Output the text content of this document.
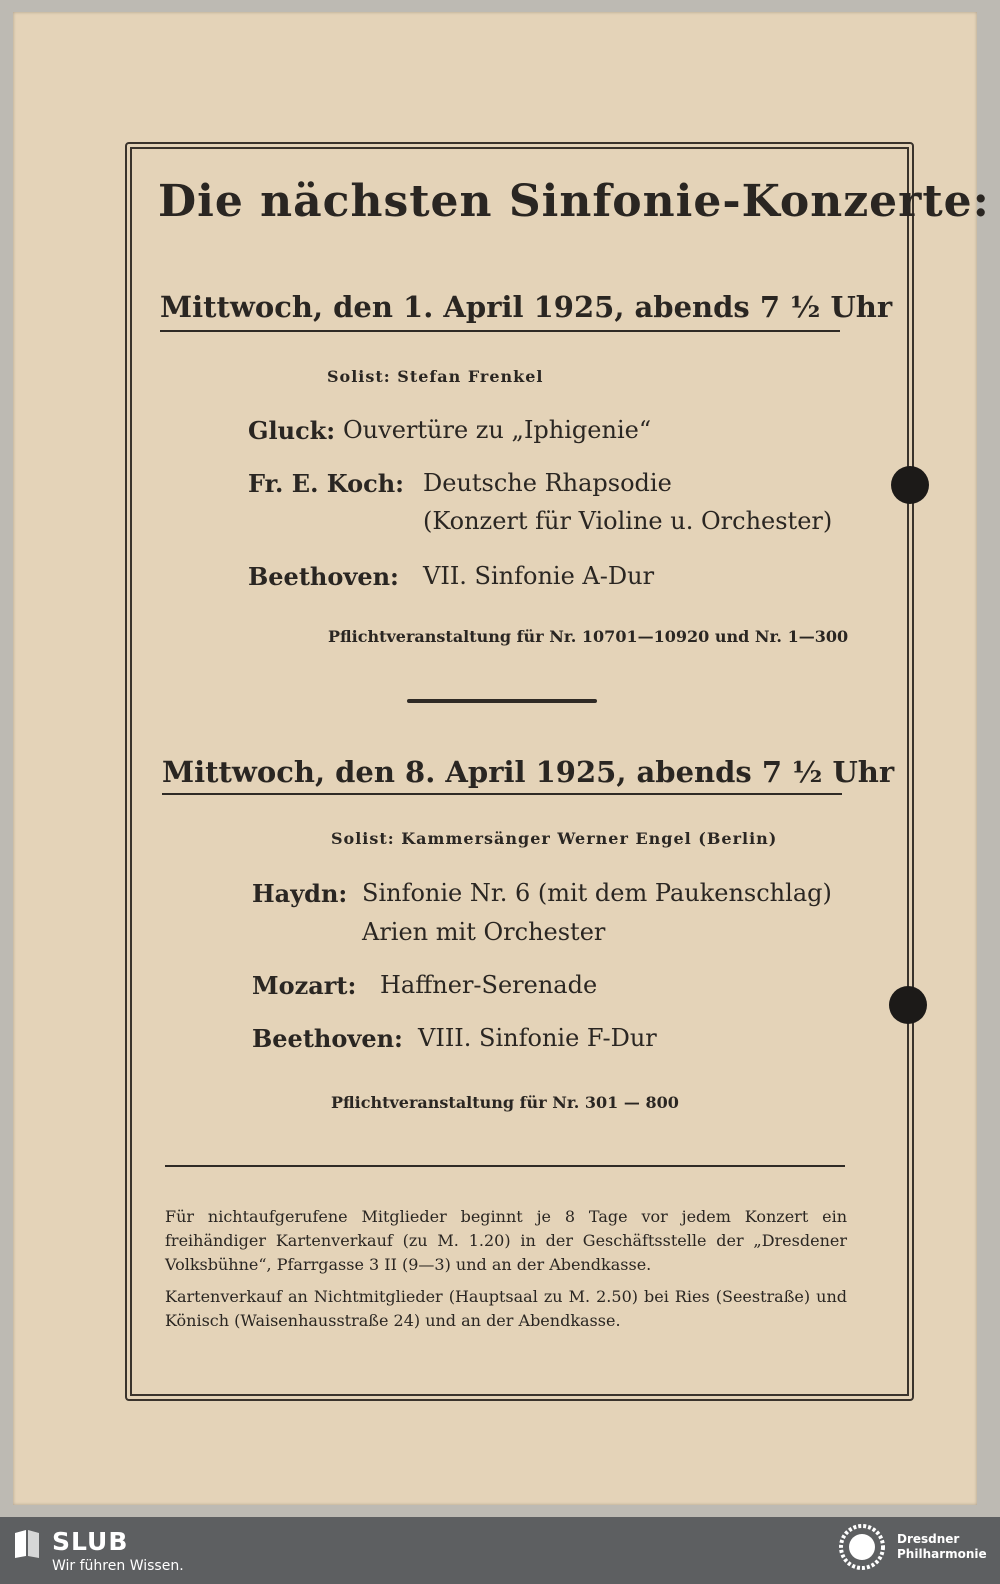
Die nächsten Sinfonie-Konzerte:
Mittwoch, den 1. April 1925, abends 7 ½ Uhr
Solist: Stefan Frenkel
Gluck: Ouvertüre zu „Iphigenie“
Fr. E. Koch: Deutsche Rhapsodie
(Konzert für Violine u. Orchester)
Beethoven: VII. Sinfonie A-Dur
Pflichtveranstaltung für Nr. 10701—10920 und Nr. 1—300
Mittwoch, den 8. April 1925, abends 7 ½ Uhr
Solist: Kammersänger Werner Engel (Berlin)
Haydn: Sinfonie Nr. 6 (mit dem Paukenschlag)
Arien mit Orchester
Mozart: Haffner-Serenade
Beethoven: VIII. Sinfonie F-Dur
Pflichtveranstaltung für Nr. 301 — 800
Für nichtaufgerufene Mitglieder beginnt je 8 Tage vor jedem Konzert ein freihändiger Kartenverkauf (zu M. 1.20) in der Geschäftsstelle der „Dresdener Volksbühne“, Pfarrgasse 3 II (9—3) und an der Abendkasse.
Kartenverkauf an Nichtmitglieder (Hauptsaal zu M. 2.50) bei Ries (Seestraße) und Könisch (Waisenhausstraße 24) und an der Abendkasse.
SLUB
Wir führen Wissen.
Dresdner
Philharmonie
